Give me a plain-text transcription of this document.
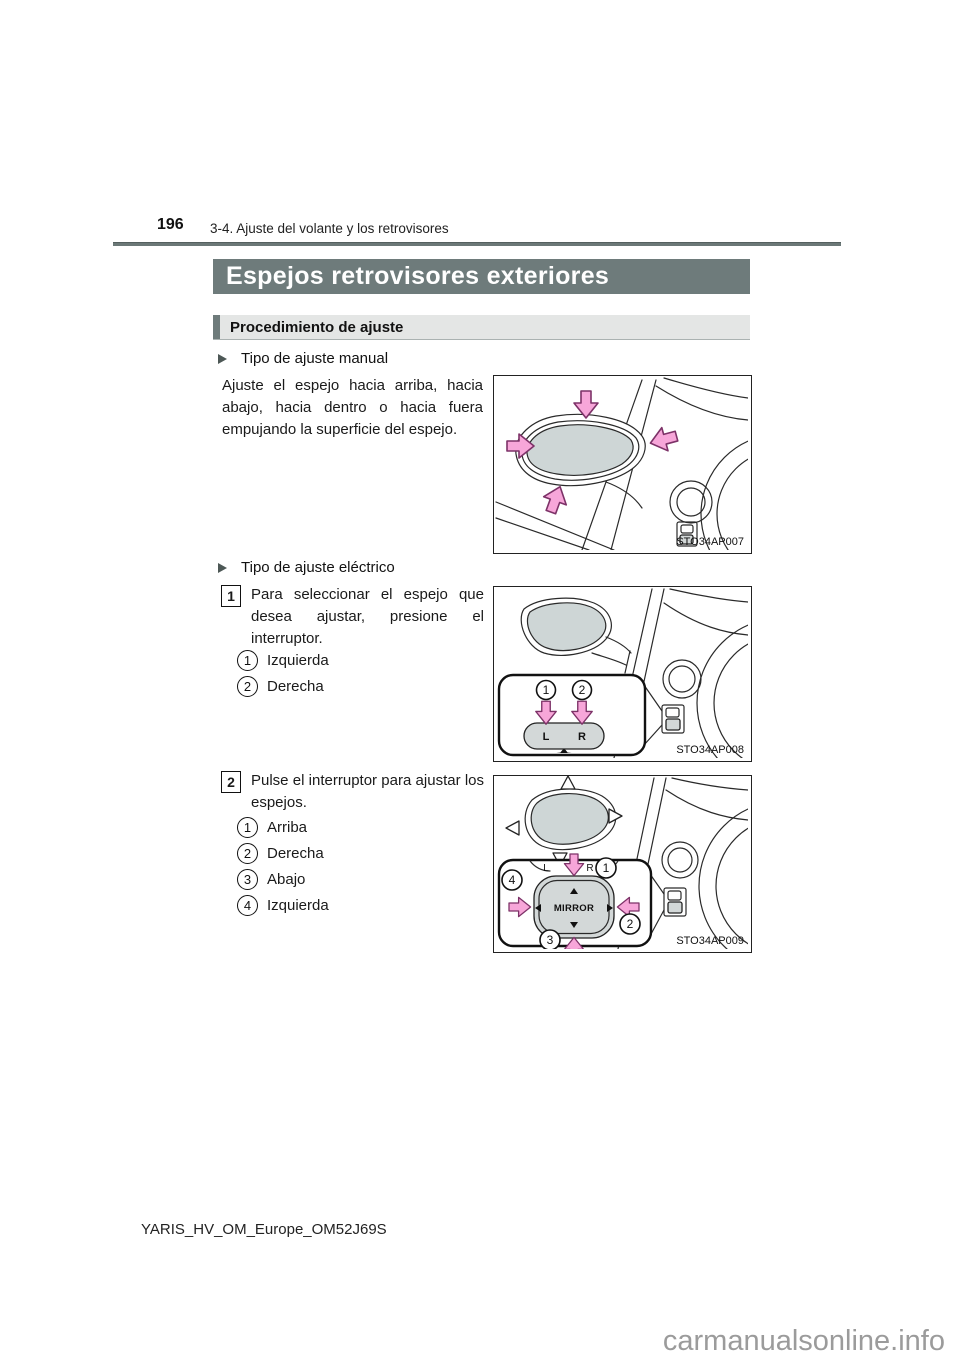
196 3-4. Ajuste del volante y los retrovisores
Espejos retrovisores exteriores
Procedimiento de ajuste
Tipo de ajuste manual
Ajuste el espejo hacia arriba, hacia abajo, hacia dentro o hacia fuera empujando la superficie del espejo.
STO34AP007
Tipo de ajuste eléctrico
1	Para seleccionar el espejo que desea ajustar, presione el interruptor.
1	Izquierda
2	Derecha
L	R
1 2
STO34AP008
2	Pulse el interruptor para ajustar los espejos.
1	Arriba
2	Derecha
3	Abajo
4	Izquierda
L	R
MIRROR
1
2
3
4
STO34AP009
YARIS_HV_OM_Europe_OM52J69S
carmanualsonline.info
